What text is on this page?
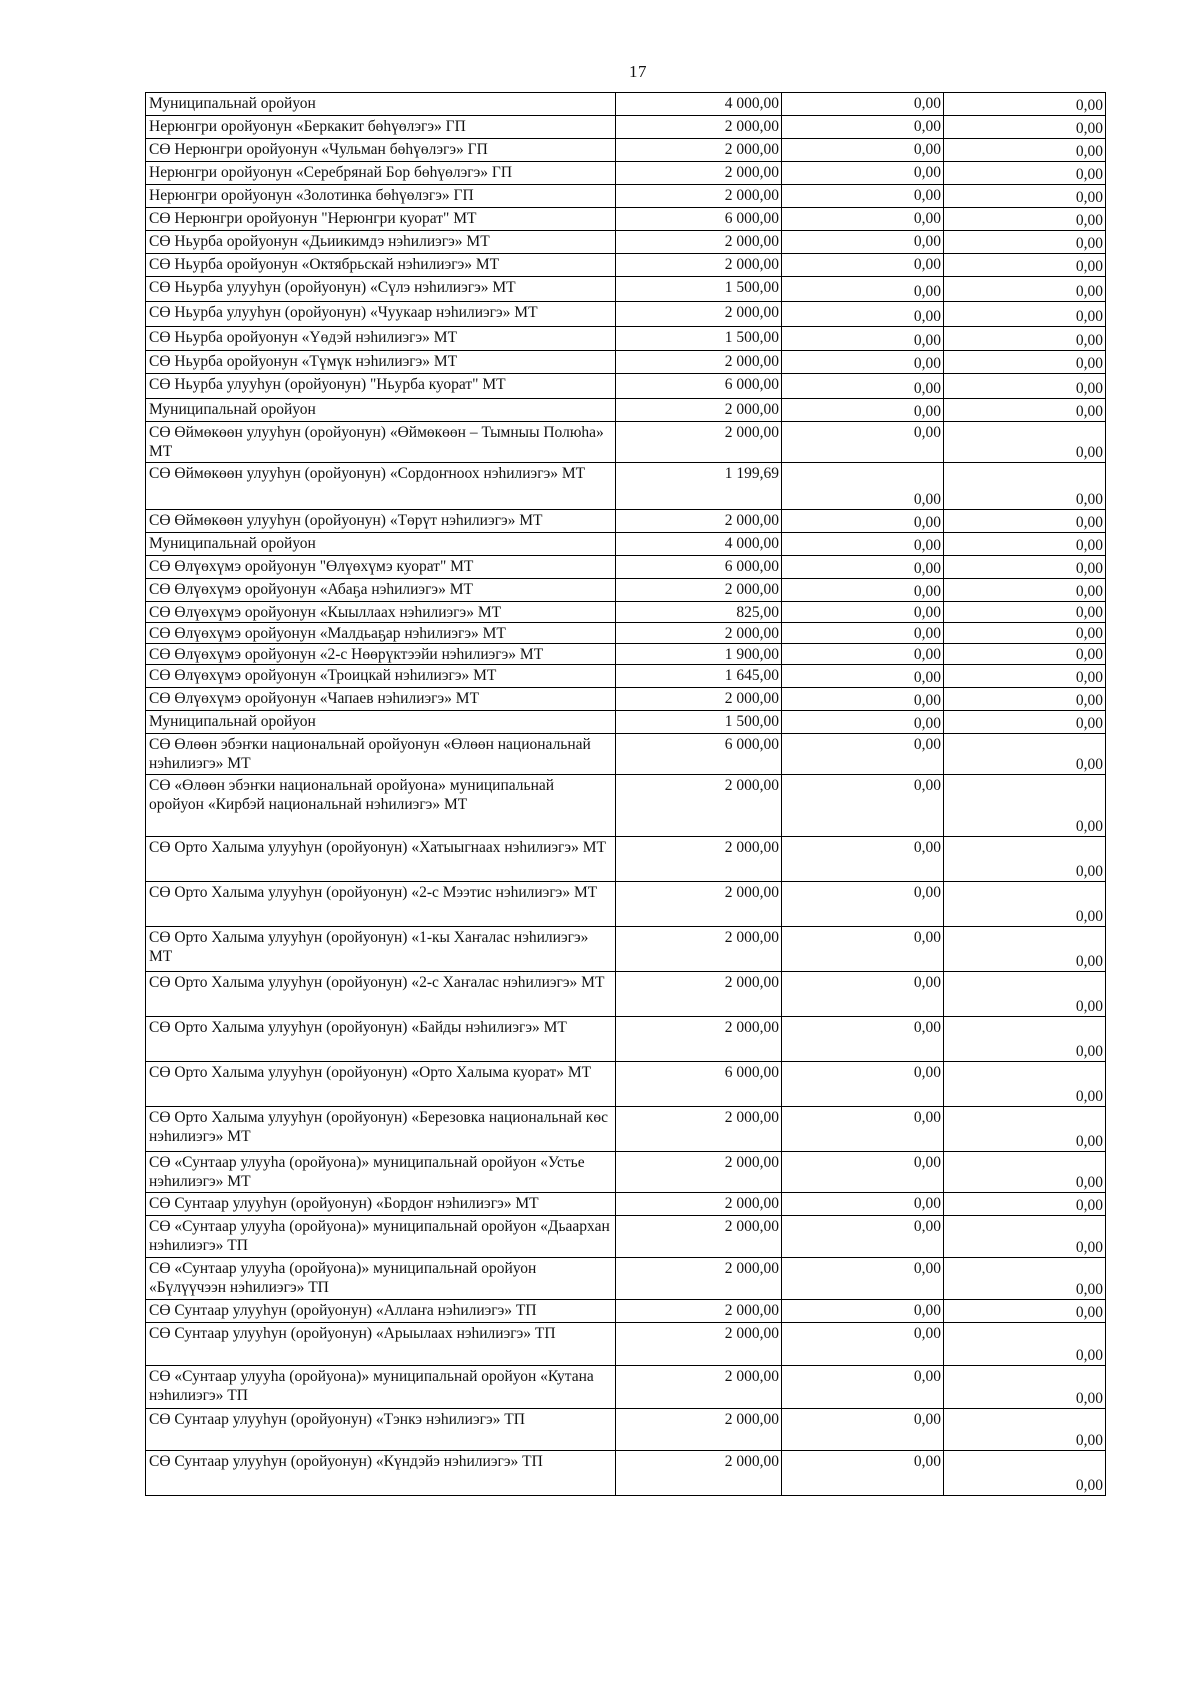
17
Муниципальнай оройуон	4 000,00	0,00	0,00
Нерюнгри оройуонун «Беркакит бөһүөлэгэ» ГП	2 000,00	0,00	0,00
СӨ Нерюнгри оройуонун «Чульман бөһүөлэгэ» ГП	2 000,00	0,00	0,00
Нерюнгри оройуонун «Серебрянай Бор бөһүөлэгэ» ГП	2 000,00	0,00	0,00
Нерюнгри оройуонун «Золотинка бөһүөлэгэ» ГП	2 000,00	0,00	0,00
СӨ Нерюнгри оройуонун "Нерюнгри куорат" МТ	6 000,00	0,00	0,00
СӨ Ньурба оройуонун «Дьиикимдэ нэһилиэгэ» МТ	2 000,00	0,00	0,00
СӨ Ньурба оройуонун «Октябрьскай нэһилиэгэ» МТ	2 000,00	0,00	0,00
СӨ Ньурба улууһун (оройуонун) «Сүлэ нэһилиэгэ» МТ	1 500,00	0,00	0,00
СӨ Ньурба улууһун (оройуонун) «Чуукаар нэһилиэгэ» МТ	2 000,00	0,00	0,00
СӨ Ньурба оройуонун «Үөдэй нэһилиэгэ» МТ	1 500,00	0,00	0,00
СӨ Ньурба оройуонун «Түмүк нэһилиэгэ» МТ	2 000,00	0,00	0,00
СӨ Ньурба улууһун (оройуонун) "Ньурба куорат" МТ	6 000,00	0,00	0,00
Муниципальнай оройуон	2 000,00	0,00	0,00
СӨ Өймөкөөн улууһун (оройуонун) «Өймөкөөн – Тымныы Полюһа» МТ	2 000,00	0,00	0,00
СӨ Өймөкөөн улууһун (оройуонун) «Сордоҥноох нэһилиэгэ» МТ	1 199,69	0,00	0,00
СӨ Өймөкөөн улууһун (оройуонун) «Төрүт нэһилиэгэ» МТ	2 000,00	0,00	0,00
Муниципальнай оройуон	4 000,00	0,00	0,00
СӨ Өлүөхүмэ оройуонун "Өлүөхүмэ куорат" МТ	6 000,00	0,00	0,00
СӨ Өлүөхүмэ оройуонун «Абаҕа нэһилиэгэ» МТ	2 000,00	0,00	0,00
СӨ Өлүөхүмэ оройуонун «Кыыллаах нэһилиэгэ» МТ	825,00	0,00	0,00
СӨ Өлүөхүмэ оройуонун «Малдьаҕар нэһилиэгэ» МТ	2 000,00	0,00	0,00
СӨ Өлүөхүмэ оройуонун «2-с Нөөрүктээйи нэһилиэгэ» МТ	1 900,00	0,00	0,00
СӨ Өлүөхүмэ оройуонун «Троицкай нэһилиэгэ» МТ	1 645,00	0,00	0,00
СӨ Өлүөхүмэ оройуонун «Чапаев нэһилиэгэ» МТ	2 000,00	0,00	0,00
Муниципальнай оройуон	1 500,00	0,00	0,00
СӨ Өлөөн эбэҥки национальнай оройуонун «Өлөөн национальнай нэһилиэгэ» МТ	6 000,00	0,00	0,00
СӨ «Өлөөн эбэҥки национальнай оройуона» муниципальнай оройуон «Кирбэй национальнай нэһилиэгэ» МТ	2 000,00	0,00	0,00
СӨ Орто Халыма улууһун (оройуонун) «Хатыыгнаах нэһилиэгэ» МТ	2 000,00	0,00	0,00
СӨ Орто Халыма улууһун (оройуонун) «2-с Мээтис нэһилиэгэ» МТ	2 000,00	0,00	0,00
СӨ Орто Халыма улууһун (оройуонун) «1-кы Хаҥалас нэһилиэгэ» МТ	2 000,00	0,00	0,00
СӨ Орто Халыма улууһун (оройуонун) «2-с Хаҥалас нэһилиэгэ» МТ	2 000,00	0,00	0,00
СӨ Орто Халыма улууһун (оройуонун) «Байды нэһилиэгэ» МТ	2 000,00	0,00	0,00
СӨ Орто Халыма улууһун (оройуонун) «Орто Халыма куорат» МТ	6 000,00	0,00	0,00
СӨ Орто Халыма улууһун (оройуонун) «Березовка национальнай көс нэһилиэгэ» МТ	2 000,00	0,00	0,00
СӨ «Сунтаар улууһа (оройуона)» муниципальнай оройуон «Устье нэһилиэгэ» МТ	2 000,00	0,00	0,00
СӨ Сунтаар улууһун (оройуонун) «Бордоҥ нэһилиэгэ» МТ	2 000,00	0,00	0,00
СӨ «Сунтаар улууһа (оройуона)» муниципальнай оройуон «Дьаархан нэһилиэгэ» ТП	2 000,00	0,00	0,00
СӨ «Сунтаар улууһа (оройуона)» муниципальнай оройуон «Бүлүүчээн нэһилиэгэ» ТП	2 000,00	0,00	0,00
СӨ Сунтаар улууһун (оройуонун) «Аллаҥа нэһилиэгэ» ТП	2 000,00	0,00	0,00
СӨ Сунтаар улууһун (оройуонун) «Арыылаах нэһилиэгэ» ТП	2 000,00	0,00	0,00
СӨ «Сунтаар улууһа (оройуона)» муниципальнай оройуон «Кутана нэһилиэгэ» ТП	2 000,00	0,00	0,00
СӨ Сунтаар улууһун (оройуонун) «Тэнкэ нэһилиэгэ» ТП	2 000,00	0,00	0,00
СӨ Сунтаар улууһун (оройуонун) «Күндэйэ нэһилиэгэ» ТП	2 000,00	0,00	0,00
